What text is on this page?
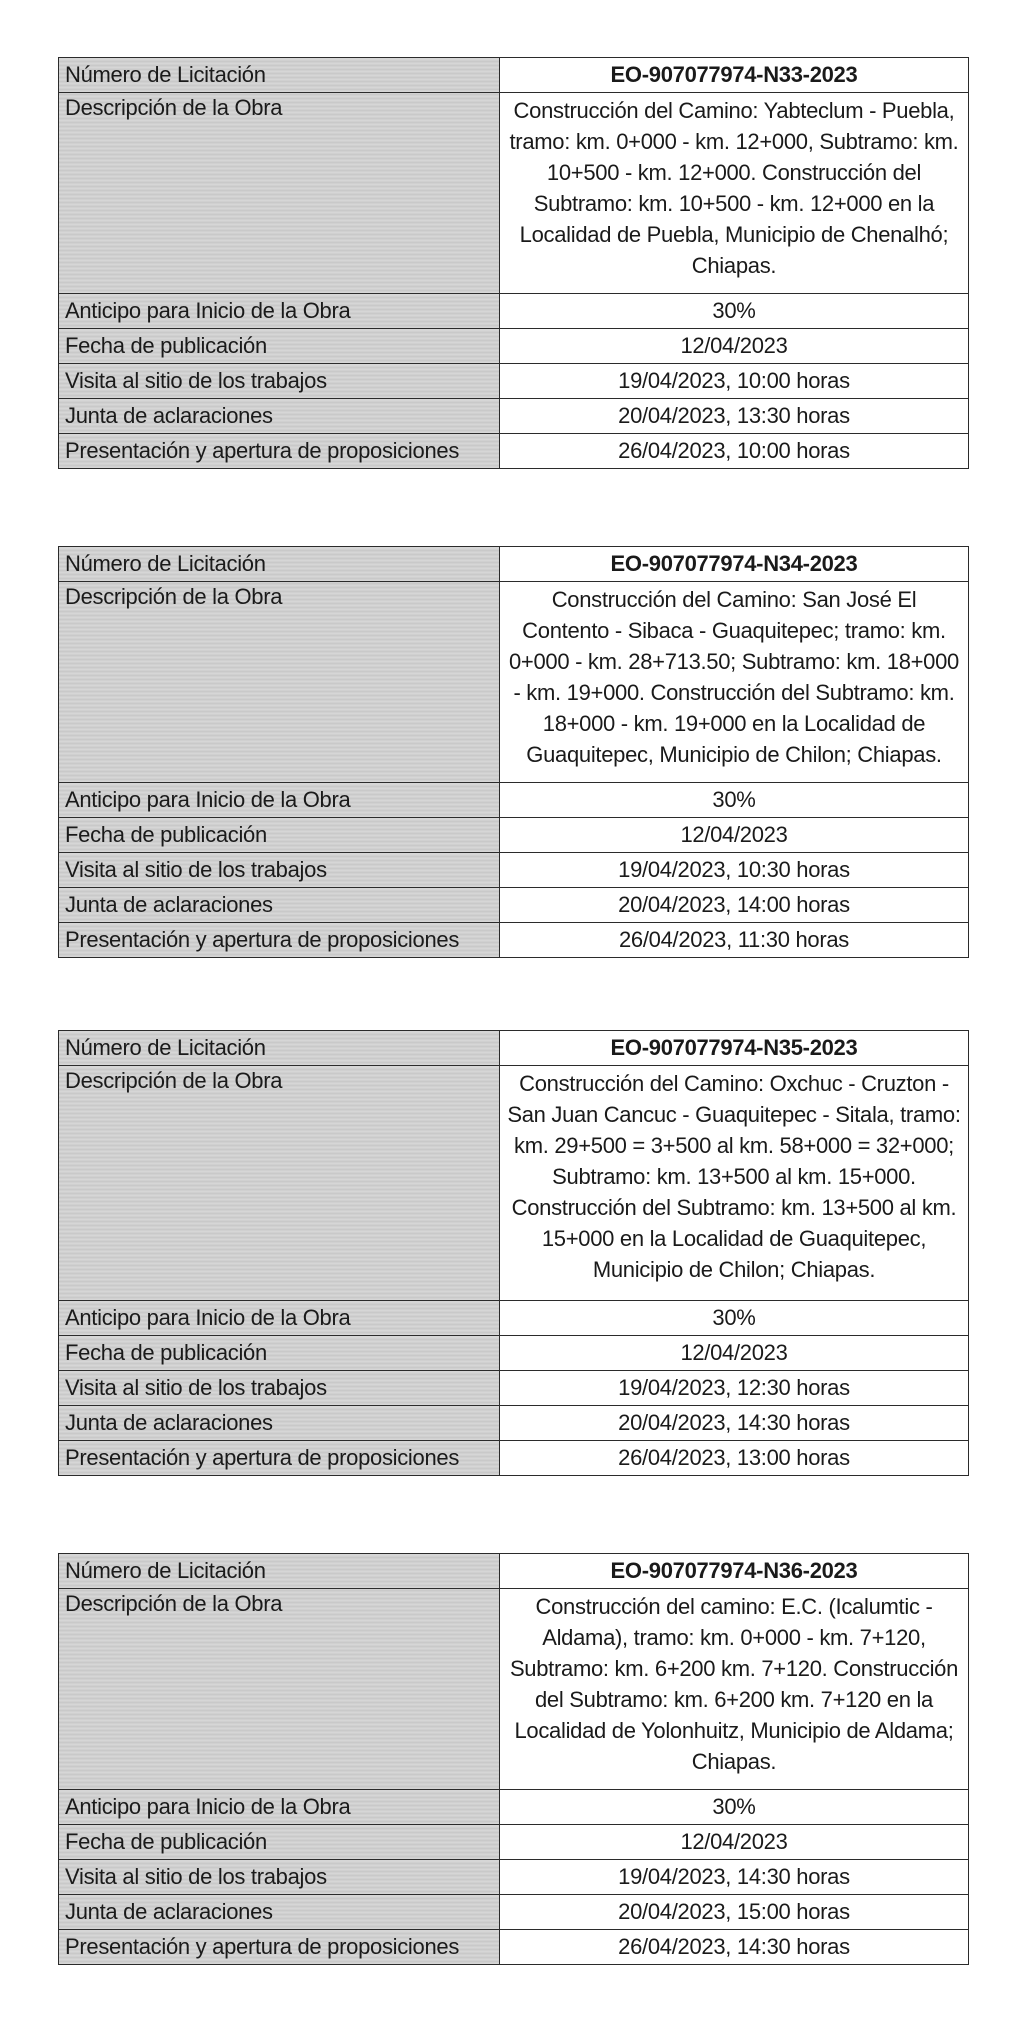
Número de Licitación	EO-907077974-N33-2023
Descripción de la Obra	Construcción del Camino: Yabteclum - Puebla, tramo: km. 0+000 - km. 12+000, Subtramo: km. 10+500 - km. 12+000. Construcción del Subtramo: km. 10+500 - km. 12+000 en la Localidad de Puebla, Municipio de Chenalhó; Chiapas.
Anticipo para Inicio de la Obra	30%
Fecha de publicación	12/04/2023
Visita al sitio de los trabajos	19/04/2023, 10:00 horas
Junta de aclaraciones	20/04/2023, 13:30 horas
Presentación y apertura de proposiciones	26/04/2023, 10:00 horas
Número de Licitación	EO-907077974-N34-2023
Descripción de la Obra	Construcción del Camino: San José El Contento - Sibaca - Guaquitepec; tramo: km. 0+000 - km. 28+713.50; Subtramo: km. 18+000 - km. 19+000. Construcción del Subtramo: km. 18+000 - km. 19+000 en la Localidad de Guaquitepec, Municipio de Chilon; Chiapas.
Anticipo para Inicio de la Obra	30%
Fecha de publicación	12/04/2023
Visita al sitio de los trabajos	19/04/2023, 10:30 horas
Junta de aclaraciones	20/04/2023, 14:00 horas
Presentación y apertura de proposiciones	26/04/2023, 11:30 horas
Número de Licitación	EO-907077974-N35-2023
Descripción de la Obra	Construcción del Camino: Oxchuc - Cruzton - San Juan Cancuc - Guaquitepec - Sitala, tramo: km. 29+500 = 3+500 al km. 58+000 = 32+000; Subtramo: km. 13+500 al km. 15+000. Construcción del Subtramo: km. 13+500 al km. 15+000 en la Localidad de Guaquitepec, Municipio de Chilon; Chiapas.
Anticipo para Inicio de la Obra	30%
Fecha de publicación	12/04/2023
Visita al sitio de los trabajos	19/04/2023, 12:30 horas
Junta de aclaraciones	20/04/2023, 14:30 horas
Presentación y apertura de proposiciones	26/04/2023, 13:00 horas
Número de Licitación	EO-907077974-N36-2023
Descripción de la Obra	Construcción del camino: E.C. (Icalumtic - Aldama), tramo: km. 0+000 - km. 7+120, Subtramo: km. 6+200 km. 7+120. Construcción del Subtramo: km. 6+200 km. 7+120 en la Localidad de Yolonhuitz, Municipio de Aldama; Chiapas.
Anticipo para Inicio de la Obra	30%
Fecha de publicación	12/04/2023
Visita al sitio de los trabajos	19/04/2023, 14:30 horas
Junta de aclaraciones	20/04/2023, 15:00 horas
Presentación y apertura de proposiciones	26/04/2023, 14:30 horas
